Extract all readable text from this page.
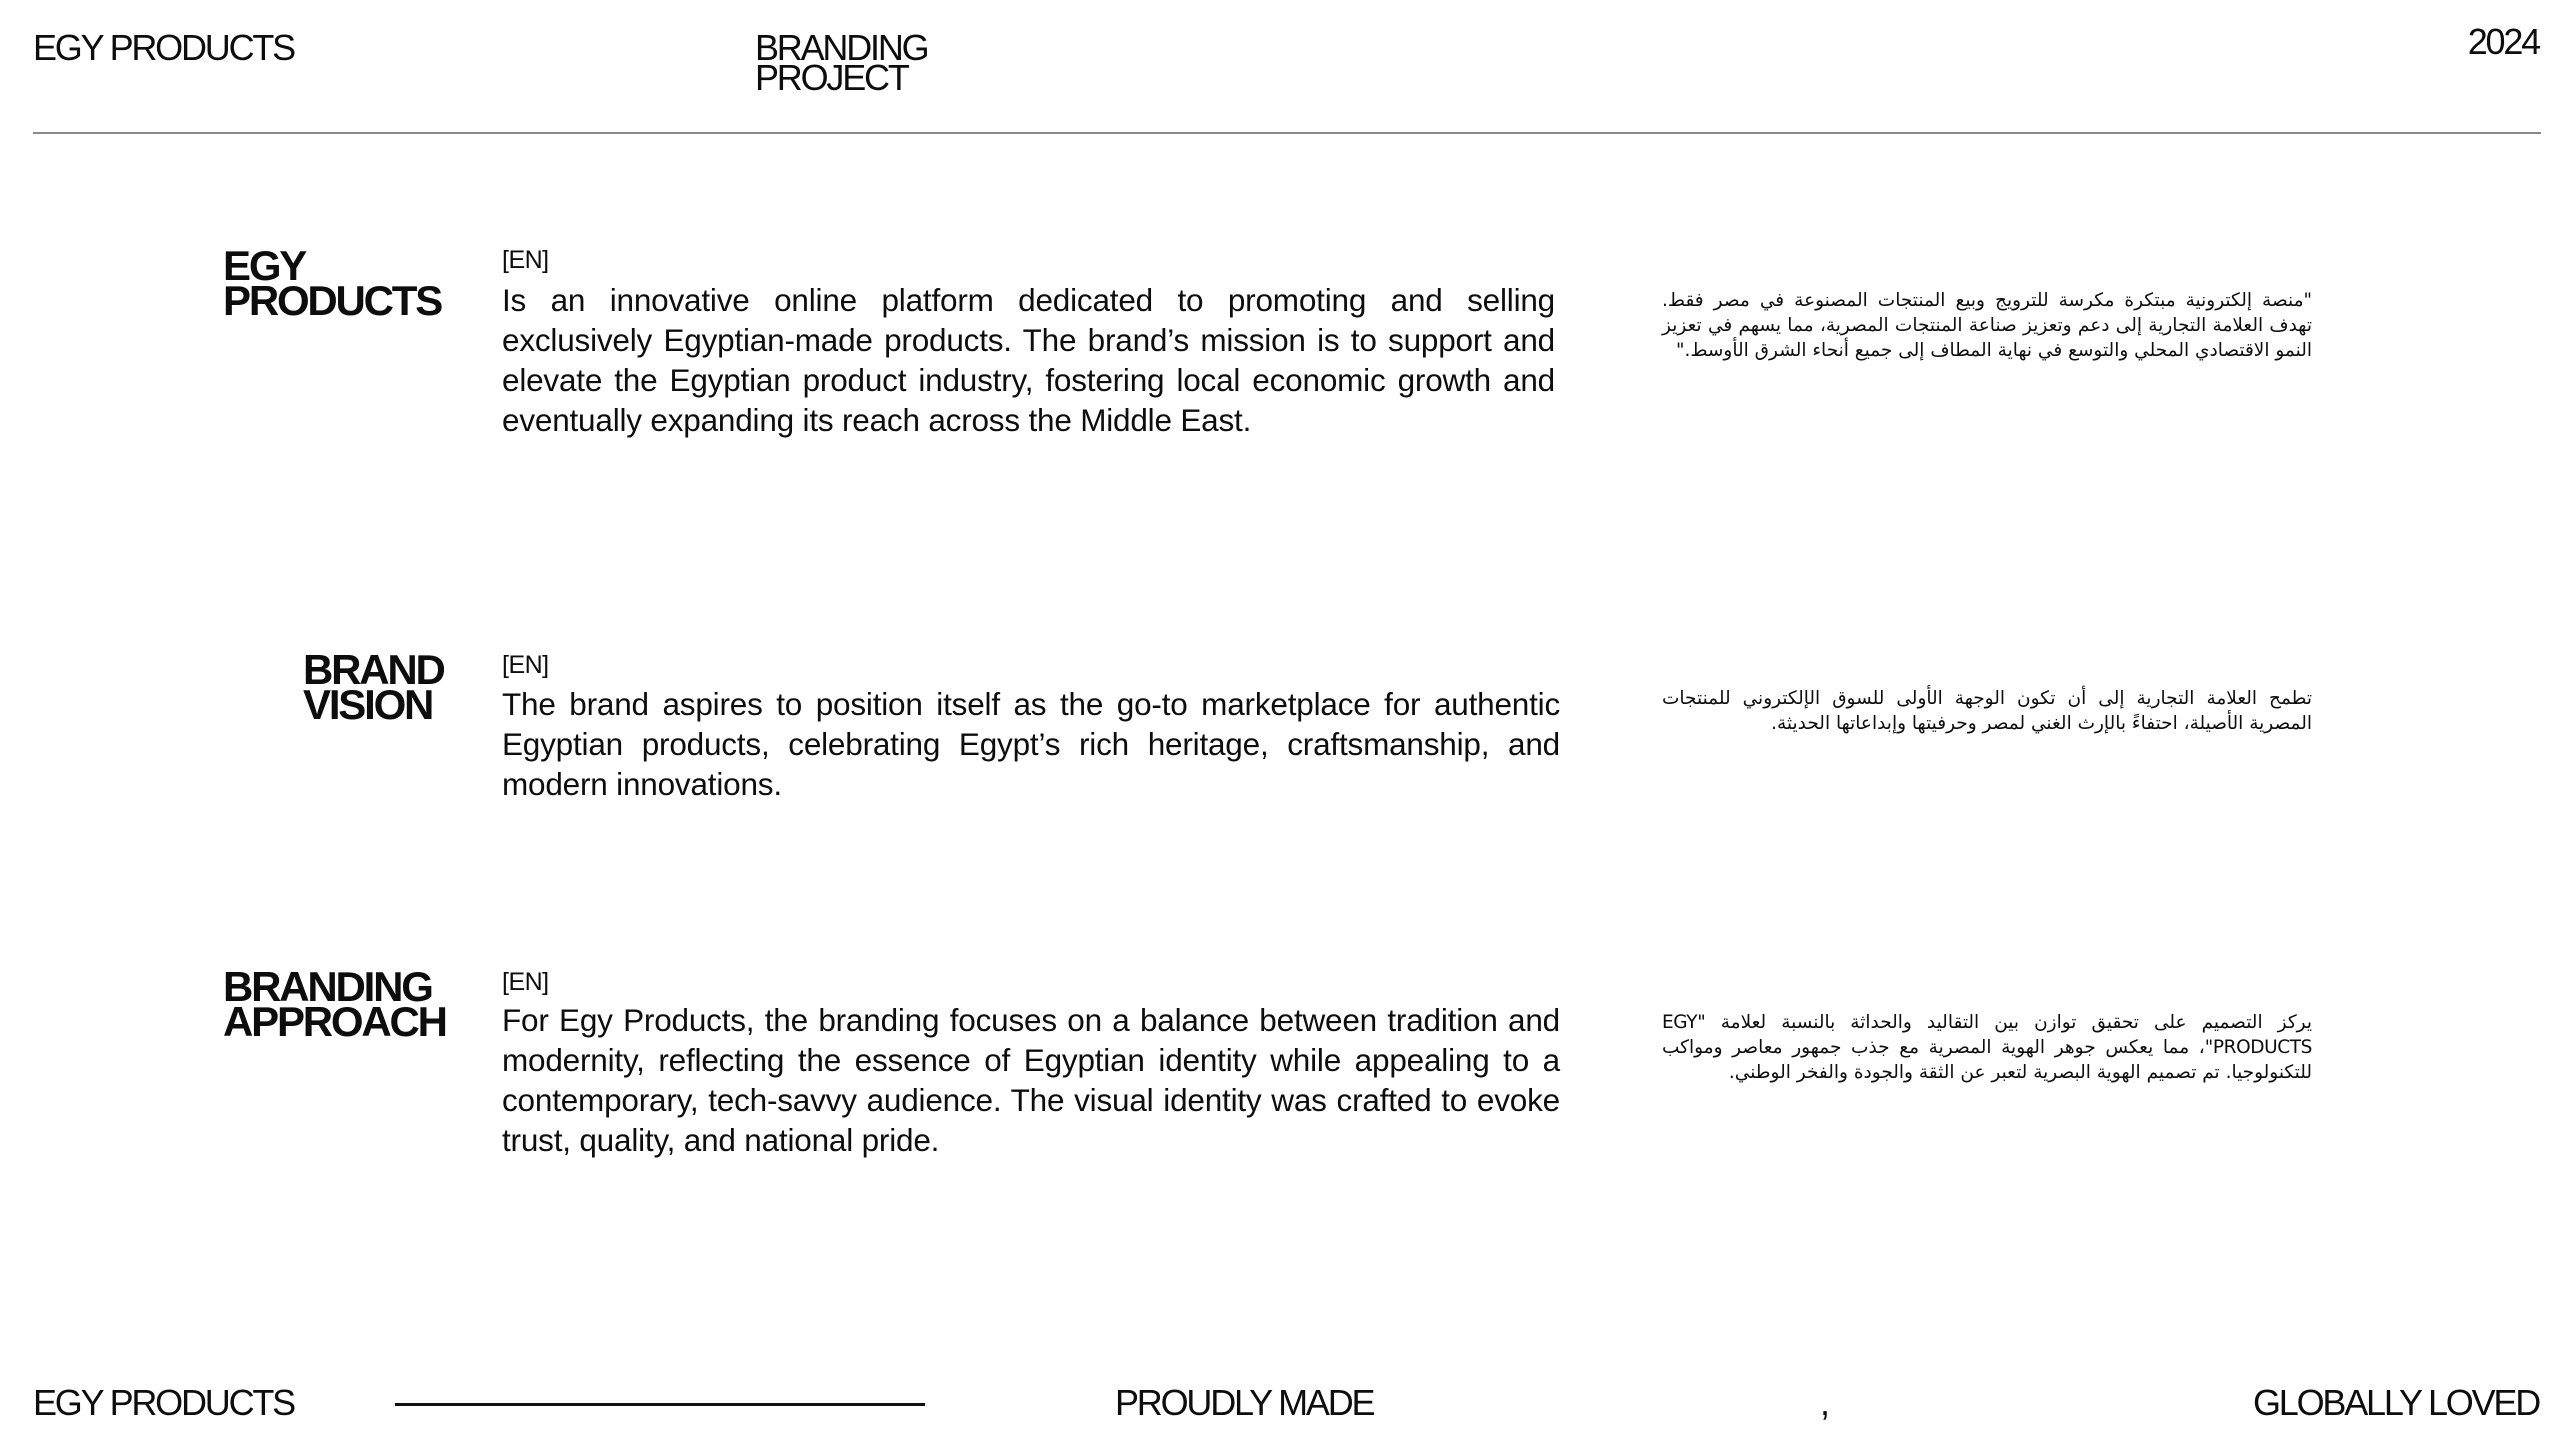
EGY PRODUCTS	BRANDING
PROJECT
2024
EGY
PRODUCTS
[EN]

Is an innovative online platform dedicated to promoting and selling exclusively Egyptian-made products. The brand’s mission is to support and elevate the Egyptian product industry, fostering local economic growth and eventually expanding its reach across the Middle East.

"منصة إلكترونية مبتكرة مكرسة للترويج وبيع المنتجات المصنوعة في مصر فقط. تهدف العلامة التجارية إلى دعم وتعزيز صناعة المنتجات المصرية، مما يسهم في تعزيز النمو الاقتصادي المحلي والتوسع في نهاية المطاف إلى جميع أنحاء الشرق الأوسط."

BRAND
VISION
[EN]

The brand aspires to position itself as the go-to marketplace for authentic Egyptian products, celebrating Egypt’s rich heritage, craftsmanship, and modern innovations.

تطمح العلامة التجارية إلى أن تكون الوجهة الأولى للسوق الإلكتروني للمنتجات المصرية الأصيلة، احتفاءً بالإرث الغني لمصر وحرفيتها وإبداعاتها الحديثة.

BRANDING
APPROACH
[EN]

For Egy Products, the branding focuses on a balance between tradition and modernity, reflecting the essence of Egyptian identity while appealing to a contemporary, tech-savvy audience. The visual identity was crafted to evoke trust, quality, and national pride.

يركز التصميم على تحقيق توازن بين التقاليد والحداثة بالنسبة لعلامة "EGY PRODUCTS"، مما يعكس جوهر الهوية المصرية مع جذب جمهور معاصر ومواكب للتكنولوجيا. تم تصميم الهوية البصرية لتعبر عن الثقة والجودة والفخر الوطني.

EGY PRODUCTS	PROUDLY MADE	,	GLOBALLY LOVED
